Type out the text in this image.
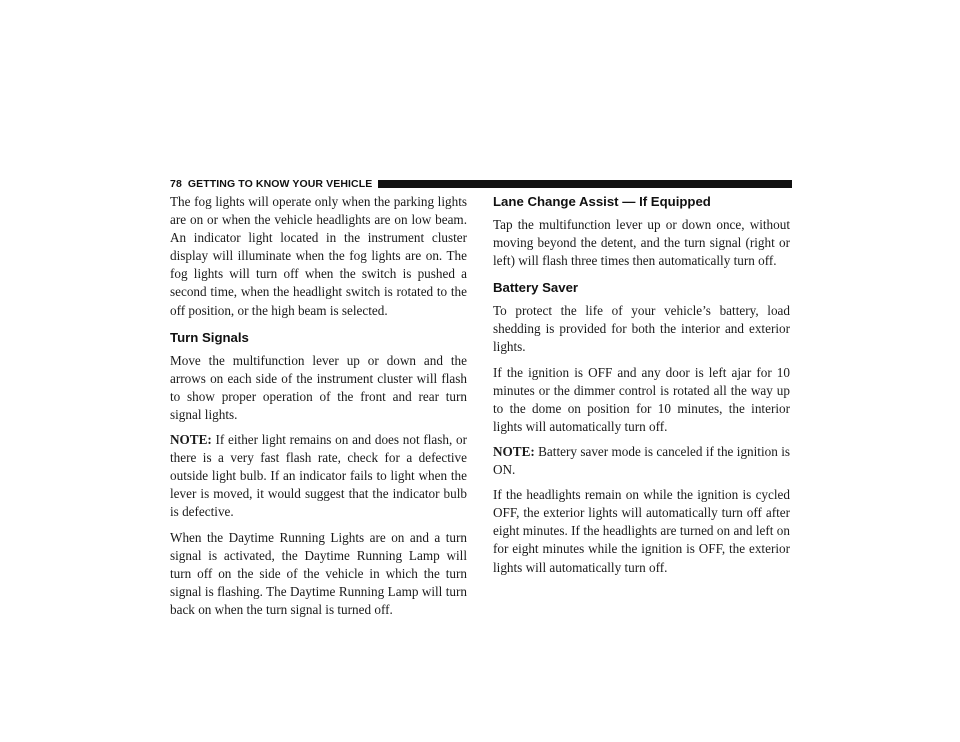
78 GETTING TO KNOW YOUR VEHICLE

The fog lights will operate only when the parking lights are on or when the vehicle headlights are on low beam. An indicator light located in the instrument cluster display will illuminate when the fog lights are on. The fog lights will turn off when the switch is pushed a second time, when the headlight switch is rotated to the off position, or the high beam is selected.

Turn Signals

Move the multifunction lever up or down and the arrows on each side of the instrument cluster will flash to show proper operation of the front and rear turn signal lights.

NOTE: If either light remains on and does not flash, or there is a very fast flash rate, check for a defective outside light bulb. If an indicator fails to light when the lever is moved, it would suggest that the indicator bulb is defective.

When the Daytime Running Lights are on and a turn signal is activated, the Daytime Running Lamp will turn off on the side of the vehicle in which the turn signal is flashing. The Daytime Running Lamp will turn back on when the turn signal is turned off.

Lane Change Assist — If Equipped

Tap the multifunction lever up or down once, without moving beyond the detent, and the turn signal (right or left) will flash three times then automatically turn off.

Battery Saver

To protect the life of your vehicle’s battery, load shedding is provided for both the interior and exterior lights.

If the ignition is OFF and any door is left ajar for 10 minutes or the dimmer control is rotated all the way up to the dome on position for 10 minutes, the interior lights will automatically turn off.

NOTE: Battery saver mode is canceled if the ignition is ON.

If the headlights remain on while the ignition is cycled OFF, the exterior lights will automatically turn off after eight minutes. If the headlights are turned on and left on for eight minutes while the ignition is OFF, the exterior lights will automatically turn off.
